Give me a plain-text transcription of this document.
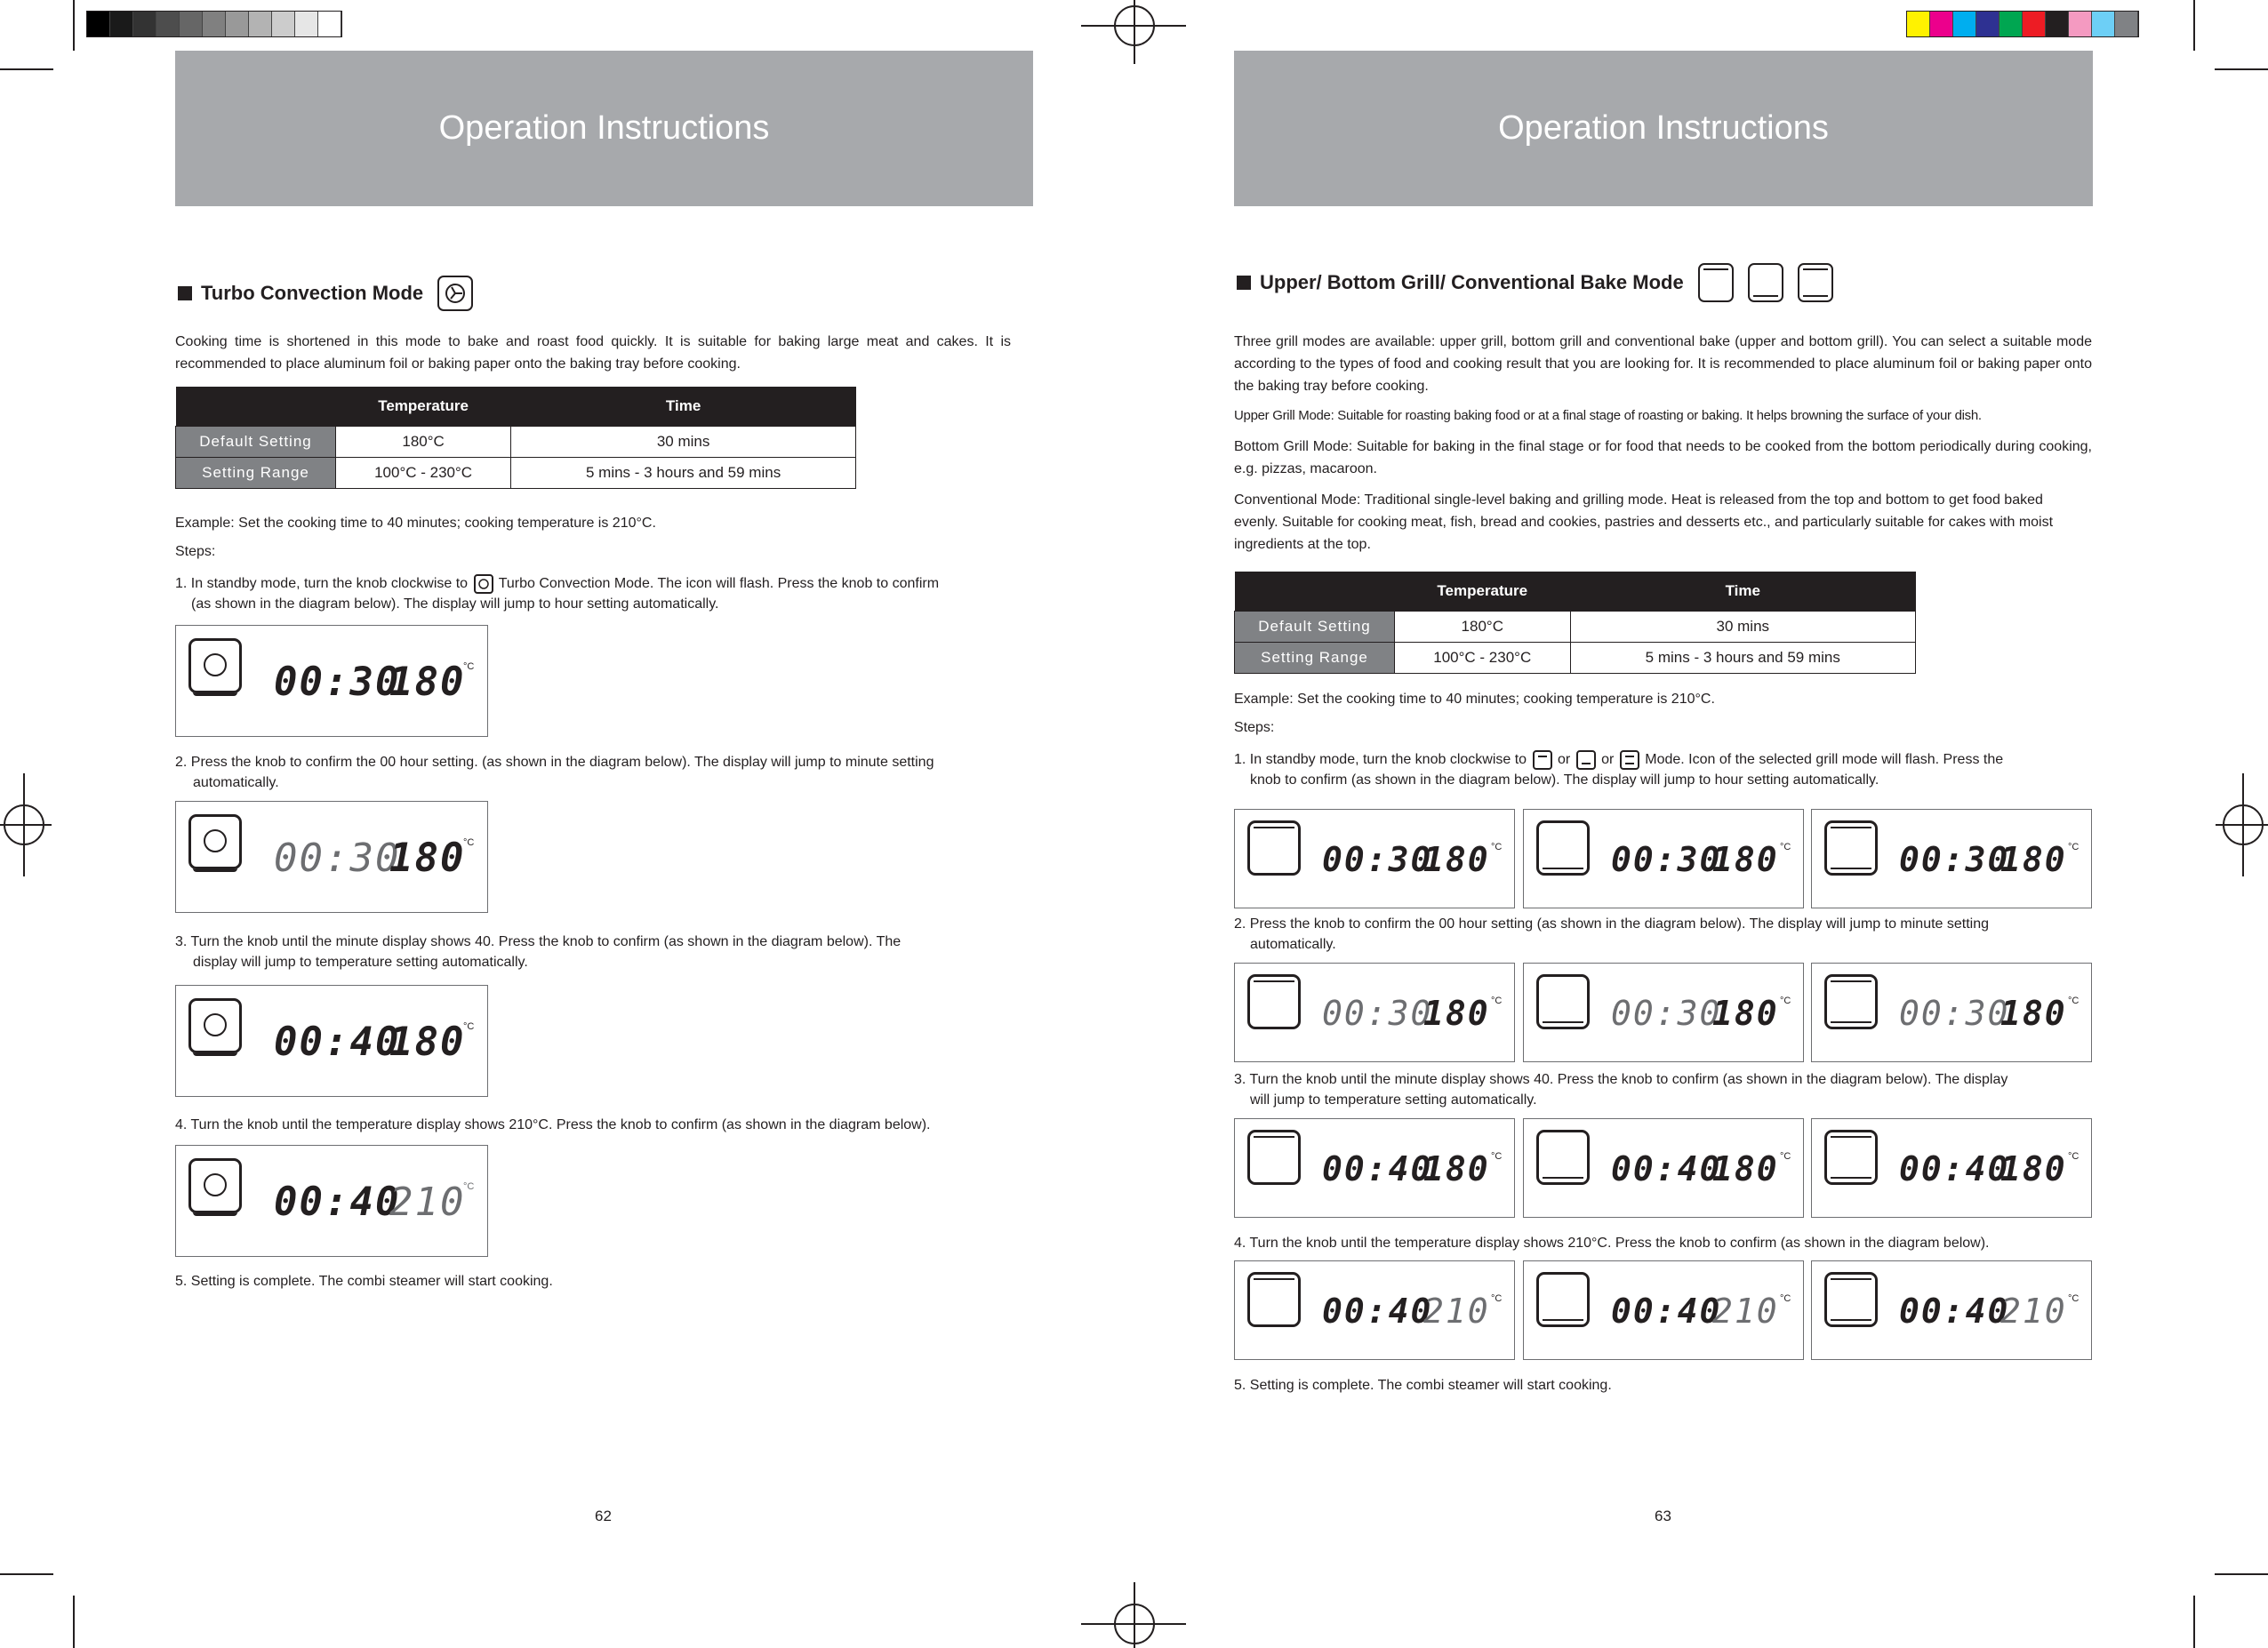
Operation Instructions
Turbo Convection Mode
Cooking time is shortened in this mode to bake and roast food quickly. It is suitable for baking large meat and cakes. It is recommended to place aluminum foil or baking paper onto the baking tray before cooking.
	Temperature	Time
Default Setting	180°C	30 mins
Setting Range	100°C - 230°C	5 mins - 3 hours and 59 mins
Example: Set the cooking time to 40 minutes; cooking temperature is 210°C.
Steps:
1. In standby mode, turn the knob clockwise to Turbo Convection Mode. The icon will flash. Press the knob to confirm
(as shown in the diagram below). The display will jump to hour setting automatically.
2. Press the knob to confirm the 00 hour setting. (as shown in the diagram below). The display will jump to minute setting
automatically.
3. Turn the knob until the minute display shows 40. Press the knob to confirm (as shown in the diagram below). The
display will jump to temperature setting automatically.
4. Turn the knob until the temperature display shows 210°C. Press the knob to confirm (as shown in the diagram below).
5. Setting is complete. The combi steamer will start cooking.
00:30
180
°C
00:30
180
°C
00:40
180
°C
00:40
210
°C
62
Operation Instructions
Upper/ Bottom Grill/ Conventional Bake Mode
Three grill modes are available: upper grill, bottom grill and conventional bake (upper and bottom grill). You can select a suitable mode according to the types of food and cooking result that you are looking for. It is recommended to place aluminum foil or baking paper onto the baking tray before cooking.
Upper Grill Mode: Suitable for roasting baking food or at a final stage of roasting or baking. It helps browning the surface of your dish.
Bottom Grill Mode: Suitable for baking in the final stage or for food that needs to be cooked from the bottom periodically during cooking, e.g. pizzas, macaroon.
Conventional Mode: Traditional single-level baking and grilling mode. Heat is released from the top and bottom to get food baked evenly. Suitable for cooking meat, fish, bread and cookies, pastries and desserts etc., and particularly suitable for cakes with moist ingredients at the top.
	Temperature	Time
Default Setting	180°C	30 mins
Setting Range	100°C - 230°C	5 mins - 3 hours and 59 mins
Example: Set the cooking time to 40 minutes; cooking temperature is 210°C.
Steps:
1. In standby mode, turn the knob clockwise to or or Mode. Icon of the selected grill mode will flash. Press the
knob to confirm (as shown in the diagram below). The display will jump to hour setting automatically.
2. Press the knob to confirm the 00 hour setting (as shown in the diagram below). The display will jump to minute setting
automatically.
3. Turn the knob until the minute display shows 40. Press the knob to confirm (as shown in the diagram below). The display
will jump to temperature setting automatically.
4. Turn the knob until the temperature display shows 210°C. Press the knob to confirm (as shown in the diagram below).
5. Setting is complete. The combi steamer will start cooking.
00:30
180 °C	00:30
180 °C	00:30
180 °C
00:30
180 °C	00:30
180 °C	00:30
180 °C
00:40
180 °C	00:40
180 °C	00:40
180 °C
00:40
210 °C	00:40
210 °C	00:40
210 °C
63
